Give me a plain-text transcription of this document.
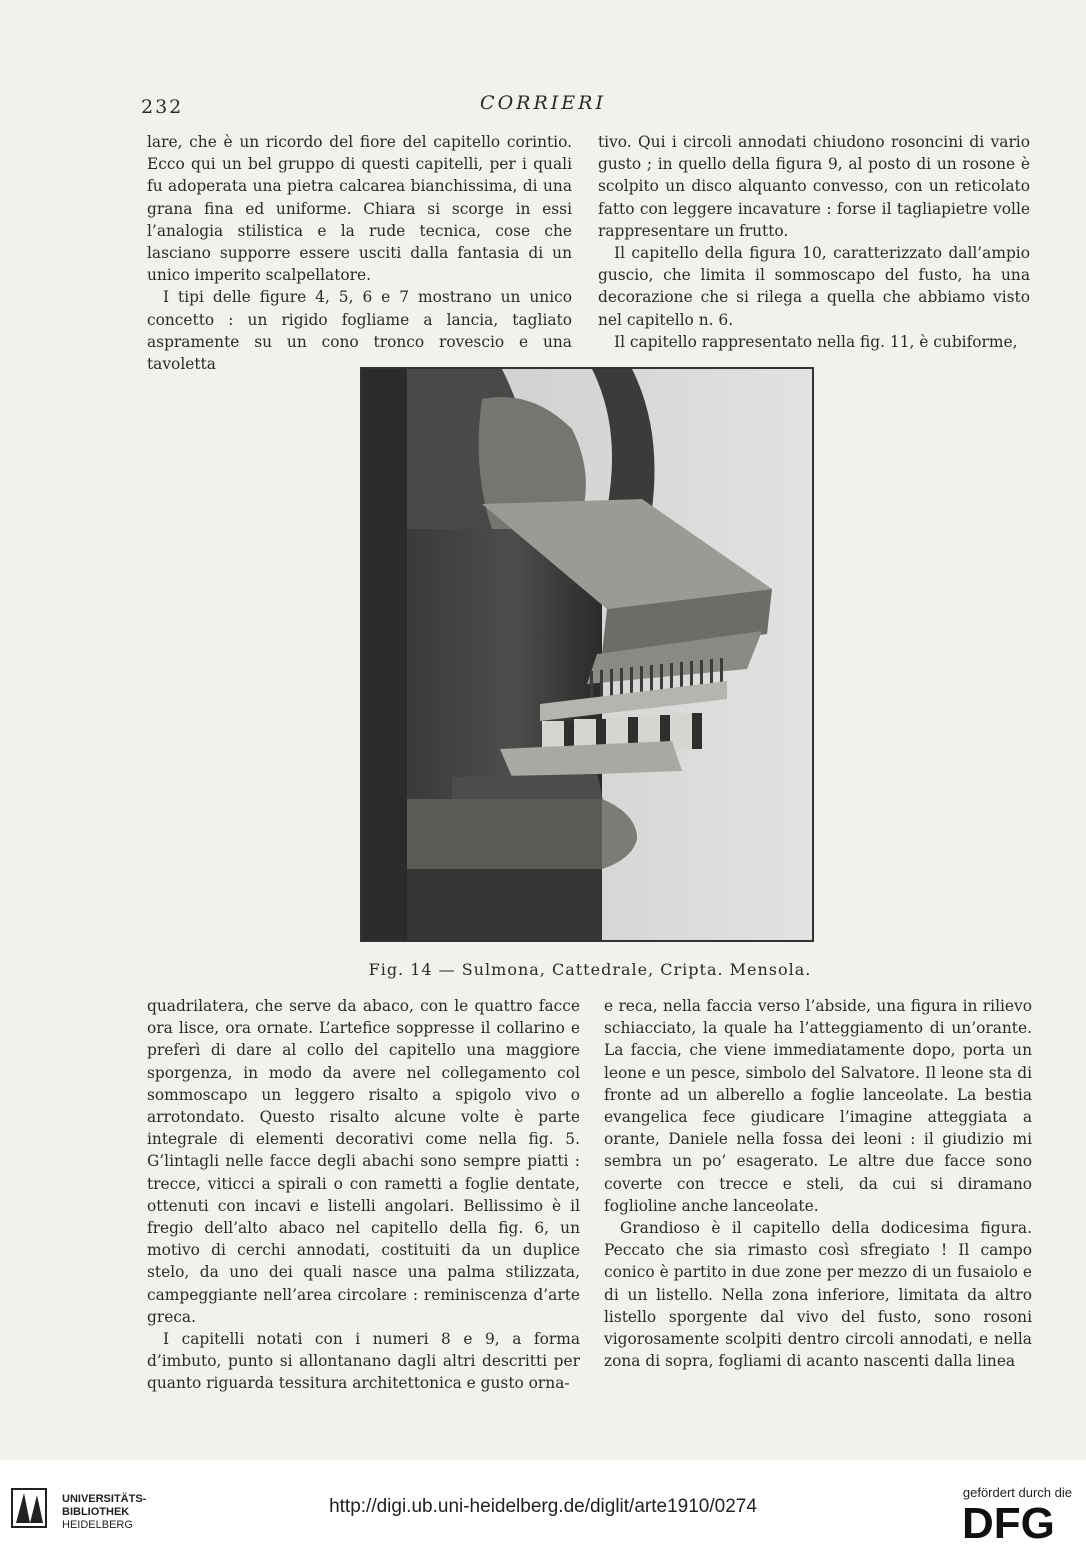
232	CORRIERI

lare, che è un ricordo del fiore del capitello corintio. Ecco qui un bel gruppo di questi capitelli, per i quali fu adoperata una pietra calcarea bianchissima, di una grana fina ed uniforme. Chiara si scorge in essi l’analogia stilistica e la rude tecnica, cose che lasciano supporre essere usciti dalla fantasia di un unico imperito scalpellatore.

I tipi delle figure 4, 5, 6 e 7 mostrano un unico concetto : un rigido fogliame a lancia, tagliato aspramente su un cono tronco rovescio e una tavoletta

tivo. Qui i circoli annodati chiudono rosoncini di vario gusto ; in quello della figura 9, al posto di un rosone è scolpito un disco alquanto convesso, con un reticolato fatto con leggere incavature : forse il tagliapietre volle rappresentare un frutto.

Il capitello della figura 10, caratterizzato dall’ampio guscio, che limita il sommoscapo del fusto, ha una decorazione che si rilega a quella che abbiamo visto nel capitello n. 6.

Il capitello rappresentato nella fig. 11, è cubiforme,

Fig. 14 — Sulmona, Cattedrale, Cripta. Mensola.

quadrilatera, che serve da abaco, con le quattro facce ora lisce, ora ornate. L’artefice soppresse il collarino e preferì di dare al collo del capitello una maggiore sporgenza, in modo da avere nel collegamento col sommoscapo un leggero risalto a spigolo vivo o arrotondato. Questo risalto alcune volte è parte integrale di elementi decorativi come nella fig. 5. G’lintagli nelle facce degli abachi sono sempre piatti : trecce, viticci a spirali o con rametti a foglie dentate, ottenuti con incavi e listelli angolari. Bellissimo è il fregio dell’alto abaco nel capitello della fig. 6, un motivo di cerchi annodati, costituiti da un duplice stelo, da uno dei quali nasce una palma stilizzata, campeggiante nell’area circolare : reminiscenza d’arte greca.

I capitelli notati con i numeri 8 e 9, a forma d’imbuto, punto si allontanano dagli altri descritti per quanto riguarda tessitura architettonica e gusto orna-

e reca, nella faccia verso l’abside, una figura in rilievo schiacciato, la quale ha l’atteggiamento di un’orante. La faccia, che viene immediatamente dopo, porta un leone e un pesce, simbolo del Salvatore. Il leone sta di fronte ad un alberello a foglie lanceolate. La bestia evangelica fece giudicare l’imagine atteggiata a orante, Daniele nella fossa dei leoni : il giudizio mi sembra un po’ esagerato. Le altre due facce sono coverte con trecce e steli, da cui si diramano foglioline anche lanceolate.

Grandioso è il capitello della dodicesima figura. Peccato che sia rimasto così sfregiato ! Il campo conico è partito in due zone per mezzo di un fusaiolo e di un listello. Nella zona inferiore, limitata da altro listello sporgente dal vivo del fusto, sono rosoni vigorosamente scolpiti dentro circoli annodati, e nella zona di sopra, fogliami di acanto nascenti dalla linea

UNIVERSITÄTS-
BIBLIOTHEK
HEIDELBERG
http://digi.ub.uni-heidelberg.de/diglit/arte1910/0274
gefördert durch die
DFG
